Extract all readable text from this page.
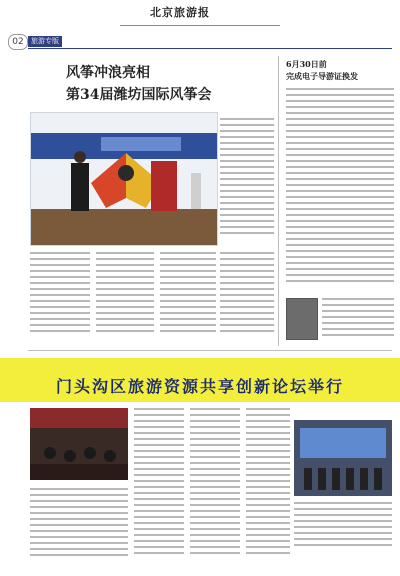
北京旅游报
02	旅游专版
风筝冲浪亮相
第34届潍坊国际风筝会
6月30日前
完成电子导游证换发
门头沟区旅游资源共享创新论坛举行
